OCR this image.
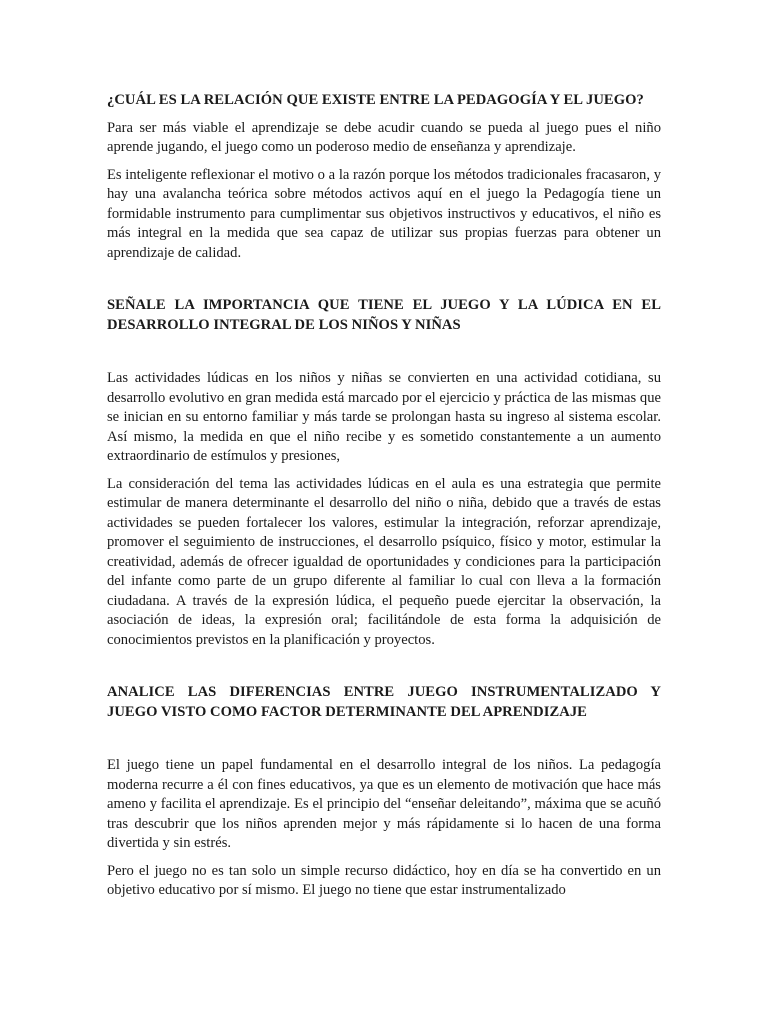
¿CUÁL ES LA RELACIÓN QUE EXISTE ENTRE LA PEDAGOGÍA Y EL JUEGO?

Para ser más viable el aprendizaje se debe acudir cuando se pueda al juego pues el niño aprende jugando, el juego como un poderoso medio de enseñanza y aprendizaje.

Es inteligente reflexionar el motivo o a la razón porque los métodos tradicionales fracasaron, y hay una avalancha teórica sobre métodos activos aquí en el juego la Pedagogía tiene un formidable instrumento para cumplimentar sus objetivos instructivos y educativos, el niño es más integral en la medida que sea capaz de utilizar sus propias fuerzas para obtener un aprendizaje de calidad.

SEÑALE LA IMPORTANCIA QUE TIENE EL JUEGO Y LA LÚDICA EN EL
DESARROLLO INTEGRAL DE LOS NIÑOS Y NIÑAS

Las actividades lúdicas en los niños y niñas se convierten en una actividad cotidiana, su desarrollo evolutivo en gran medida está marcado por el ejercicio y práctica de las mismas que se inician en su entorno familiar y más tarde se prolongan hasta su ingreso al sistema escolar. Así mismo, la medida en que el niño recibe y es sometido constantemente a un aumento extraordinario de estímulos y presiones,

La consideración del tema las actividades lúdicas en el aula es una estrategia que permite estimular de manera determinante el desarrollo del niño o niña, debido que a través de estas actividades se pueden fortalecer los valores, estimular la integración, reforzar aprendizaje, promover el seguimiento de instrucciones, el desarrollo psíquico, físico y motor, estimular la creatividad, además de ofrecer igualdad de oportunidades y condiciones para la participación del infante como parte de un grupo diferente al familiar lo cual con lleva a la formación ciudadana. A través de la expresión lúdica, el pequeño puede ejercitar la observación, la asociación de ideas, la expresión oral; facilitándole de esta forma la adquisición de conocimientos previstos en la planificación y proyectos.

ANALICE LAS DIFERENCIAS ENTRE JUEGO INSTRUMENTALIZADO Y
JUEGO VISTO COMO FACTOR DETERMINANTE DEL APRENDIZAJE

El juego tiene un papel fundamental en el desarrollo integral de los niños. La pedagogía moderna recurre a él con fines educativos, ya que es un elemento de motivación que hace más ameno y facilita el aprendizaje. Es el principio del “enseñar deleitando”, máxima que se acuñó tras descubrir que los niños aprenden mejor y más rápidamente si lo hacen de una forma divertida y sin estrés.

Pero el juego no es tan solo un simple recurso didáctico, hoy en día se ha convertido en un objetivo educativo por sí mismo. El juego no tiene que estar instrumentalizado
